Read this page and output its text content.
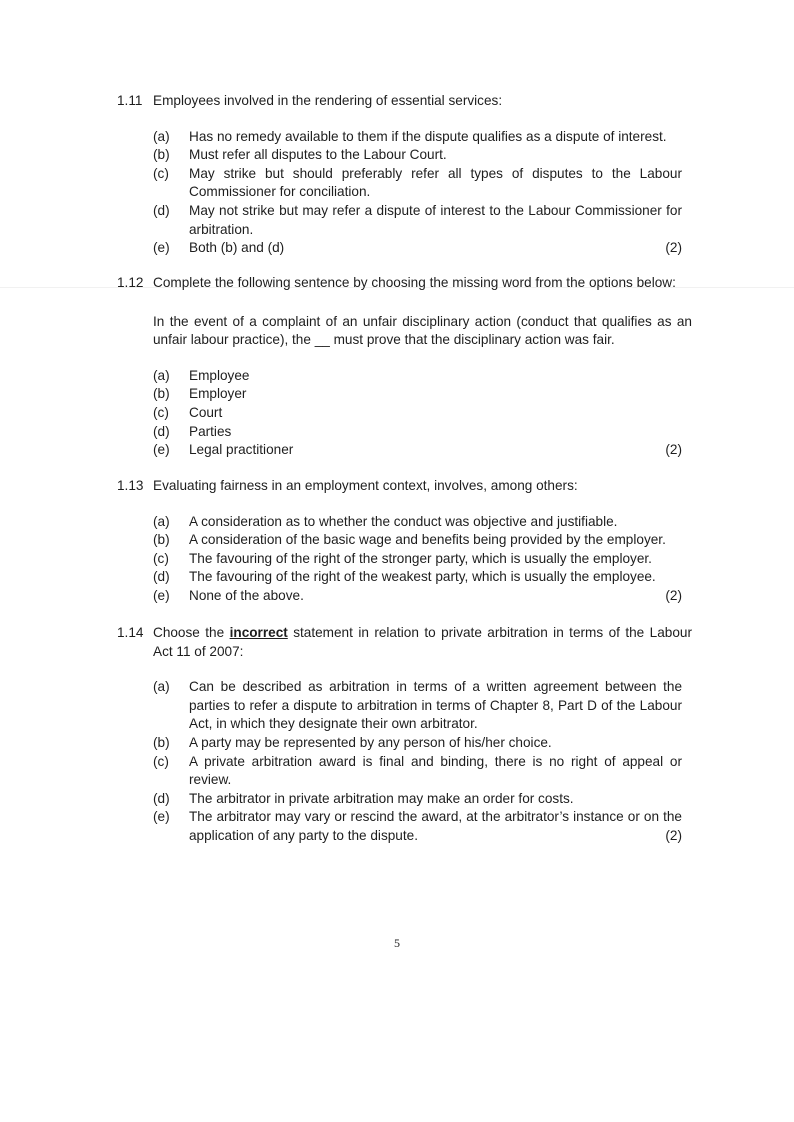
1.11 Employees involved in the rendering of essential services:
(a)	Has no remedy available to them if the dispute qualifies as a dispute of interest.
(b)	Must refer all disputes to the Labour Court.
(c)	May strike but should preferably refer all types of disputes to the Labour Commissioner for conciliation.
(d)	May not strike but may refer a dispute of interest to the Labour Commissioner for arbitration.
(e)	Both (b) and (d)	(2)
1.12 Complete the following sentence by choosing the missing word from the options below:
In the event of a complaint of an unfair disciplinary action (conduct that qualifies as an unfair labour practice), the __ must prove that the disciplinary action was fair.
(a)	Employee
(b)	Employer
(c)	Court
(d)	Parties
(e)	Legal practitioner	(2)
1.13 Evaluating fairness in an employment context, involves, among others:
(a)	A consideration as to whether the conduct was objective and justifiable.
(b)	A consideration of the basic wage and benefits being provided by the employer.
(c)	The favouring of the right of the stronger party, which is usually the employer.
(d)	The favouring of the right of the weakest party, which is usually the employee.
(e)	None of the above.	(2)
1.14 Choose the incorrect statement in relation to private arbitration in terms of the Labour Act 11 of 2007:
(a)	Can be described as arbitration in terms of a written agreement between the parties to refer a dispute to arbitration in terms of Chapter 8, Part D of the Labour Act, in which they designate their own arbitrator.
(b)	A party may be represented by any person of his/her choice.
(c)	A private arbitration award is final and binding, there is no right of appeal or review.
(d)	The arbitrator in private arbitration may make an order for costs.
(e)	The arbitrator may vary or rescind the award, at the arbitrator’s instance or on the application of any party to the dispute.	(2)
5
